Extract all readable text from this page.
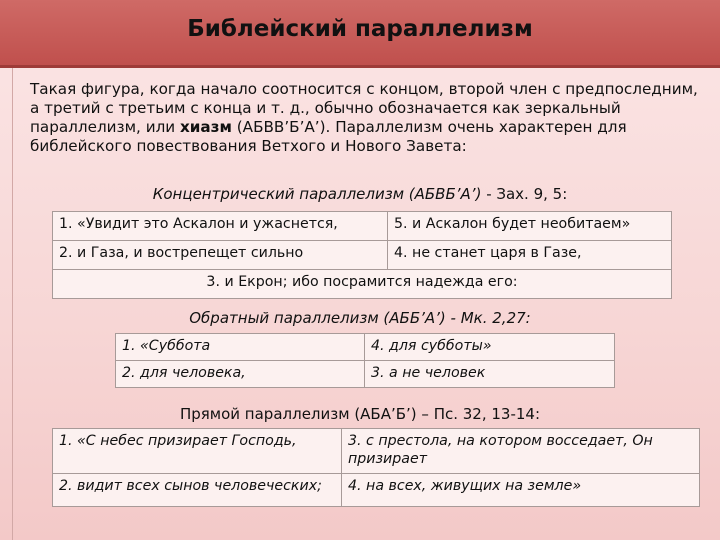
Библейский параллелизм
Такая фигура, когда начало соотносится с концом, второй член с предпоследним, а третий с третьим с конца и т. д., обычно обозначается как зеркальный параллелизм, или хиазм (АБВВ’Б’А’). Параллелизм очень характерен для библейского повествования Ветхого и Нового Завета:
Концентрический параллелизм (АБВБ’А’) - Зах. 9, 5:
1. «Увидит это Аскалон и ужаснется,	5. и Аскалон будет необитаем»
2. и Газа, и вострепещет сильно	4. не станет царя в Газе,
3. и Екрон; ибо посрамится надежда его:	
Обратный параллелизм (АББ’А’) - Мк. 2,27:
1. «Суббота	4. для субботы»
2. для человека,	3. а не человек
Прямой параллелизм (АБА’Б’) – Пс. 32, 13-14:
1. «С небес призирает Господь,	3. с престола, на котором восседает, Он призирает
2. видит всех сынов человеческих;	4. на всех, живущих на земле»
